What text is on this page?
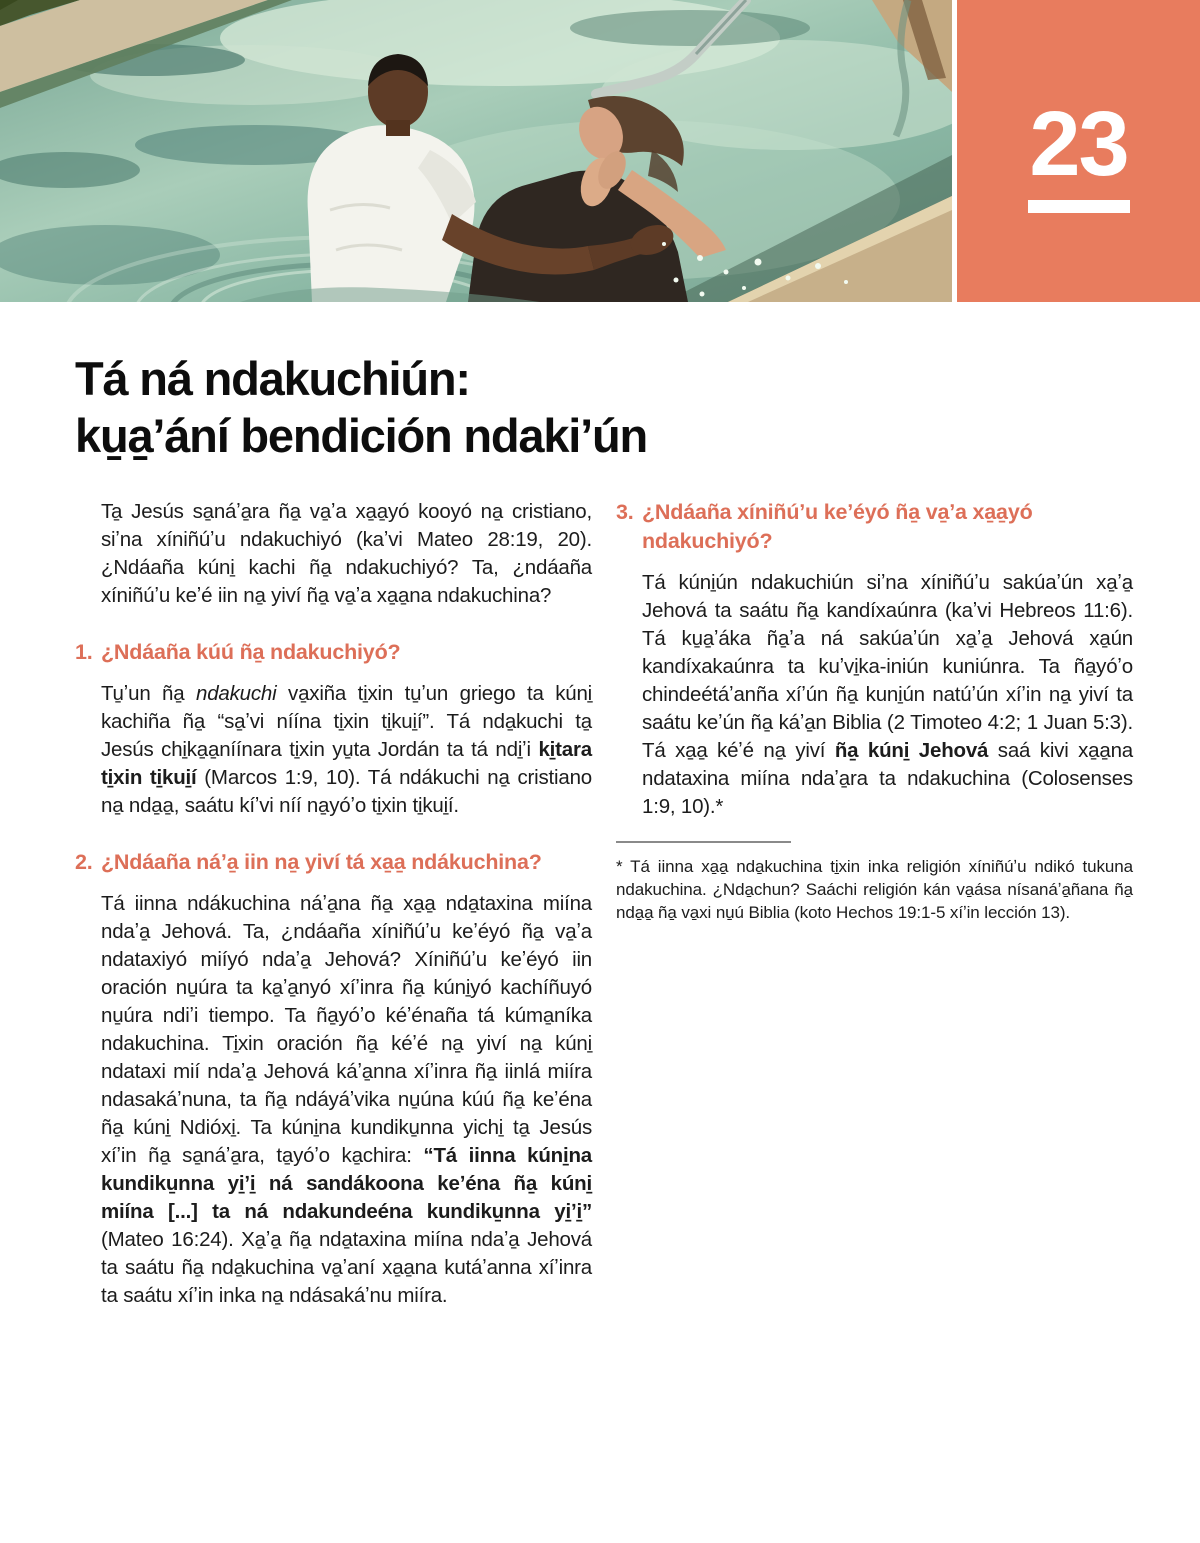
23
Tá ná ndakuchiún:
ku̱a̱ʼání bendición ndakiʼún

Ta̱ Jesús sa̱náʼa̱ra ña̱ va̱ʼa xa̱a̱yó kooyó na̱ cristiano, siʼna xíniñúʼu ndakuchiyó (kaʼvi Mateo 28:19, 20). ¿Ndáaña kúni̱ kachi ña̱ ndakuchiyó? Ta, ¿ndáaña xíniñúʼu keʼé iin na̱ yiví ña̱ va̱ʼa xa̱a̱na ndakuchina?

1. ¿Ndáaña kúú ña̱ ndakuchiyó?

Tu̱ʼun ña̱ ndakuchi va̱xiña ti̱xin tu̱ʼun griego ta kúni̱ kachiña ña̱ “sa̱ʼvi níína ti̱xin ti̱kui̱í”. Tá nda̱kuchi ta̱ Jesús chi̱ka̱a̱níínara ti̱xin yu̱ta Jordán ta tá ndi̱ʼi ki̱tara ti̱xin ti̱kui̱í (Marcos 1:9, 10). Tá ndákuchi na̱ cristiano na̱ nda̱a̱, saátu kíʼvi níí na̱yóʼo ti̱xin ti̱kui̱í.

2. ¿Ndáaña náʼa̱ iin na̱ yiví tá xa̱a̱ ndákuchina?

Tá iinna ndákuchina náʼa̱na ña̱ xa̱a̱ nda̱taxina miína ndaʼa̱ Jehová. Ta, ¿ndáaña xíniñúʼu keʼéyó ña̱ va̱ʼa ndataxiyó miíyó ndaʼa̱ Jehová? Xíniñúʼu keʼéyó iin oración nu̱úra ta ka̱ʼa̱nyó xíʼinra ña̱ kúni̱yó kachíñuyó nu̱úra ndiʼi tiempo. Ta ña̱yóʼo kéʼénaña tá kúma̱níka ndakuchina. Ti̱xin oración ña̱ kéʼé na̱ yiví na̱ kúni̱ ndataxi mií ndaʼa̱ Jehová káʼa̱nna xíʼinra ña̱ iinlá miíra ndasakáʼnuna, ta ña̱ ndáyáʼvika nu̱úna kúú ña̱ keʼéna ña̱ kúni̱ Ndióxi̱. Ta kúni̱na kundiku̱nna yichi̱ ta̱ Jesús xíʼin ña̱ sa̱náʼa̱ra, ta̱yóʼo ka̱chira: “Tá iinna kúni̱na kundiku̱nna yi̱ʼi̱ ná sandákoona keʼéna ña̱ kúni̱ miína [...] ta ná ndakundeéna kundiku̱nna yi̱ʼi̱” (Mateo 16:24). Xa̱ʼa̱ ña̱ nda̱taxina miína ndaʼa̱ Jehová ta saátu ña̱ nda̱kuchina va̱ʼaní xa̱a̱na kutáʼanna xíʼinra ta saátu xíʼin inka na̱ ndásakáʼnu miíra.

3. ¿Ndáaña xíniñúʼu keʼéyó ña̱ va̱ʼa xa̱a̱yó ndakuchiyó?

Tá kúni̱ún ndakuchiún siʼna xíniñúʼu sakúaʼún xa̱ʼa̱ Jehová ta saátu ña̱ kandíxaúnra (kaʼvi Hebreos 11:6). Tá ku̱a̱ʼáka ña̱ʼa ná sakúaʼún xa̱ʼa̱ Jehová xa̱ún kandíxakaúnra ta kuʼvi̱ka-iniún kuniúnra. Ta ña̱yóʼo chindeétáʼanña xíʼún ña̱ kuni̱ún natúʼún xíʼin na̱ yiví ta saátu keʼún ña̱ káʼa̱n Biblia (2 Timoteo 4:2; 1 Juan 5:3). Tá xa̱a̱ kéʼé na̱ yiví ña̱ kúni̱ Jehová saá kivi xa̱a̱na ndataxina miína ndaʼa̱ra ta ndakuchina (Colosenses 1:9, 10).*

* Tá iinna xa̱a̱ nda̱kuchina ti̱xin inka religión xíniñúʼu ndikó tukuna ndakuchina. ¿Nda̱chun? Saáchi religión kán va̱ása nísanáʼa̱ñana ña̱ nda̱a̱ ña̱ va̱xi nu̱ú Biblia (koto Hechos 19:1-5 xíʼin lección 13).
